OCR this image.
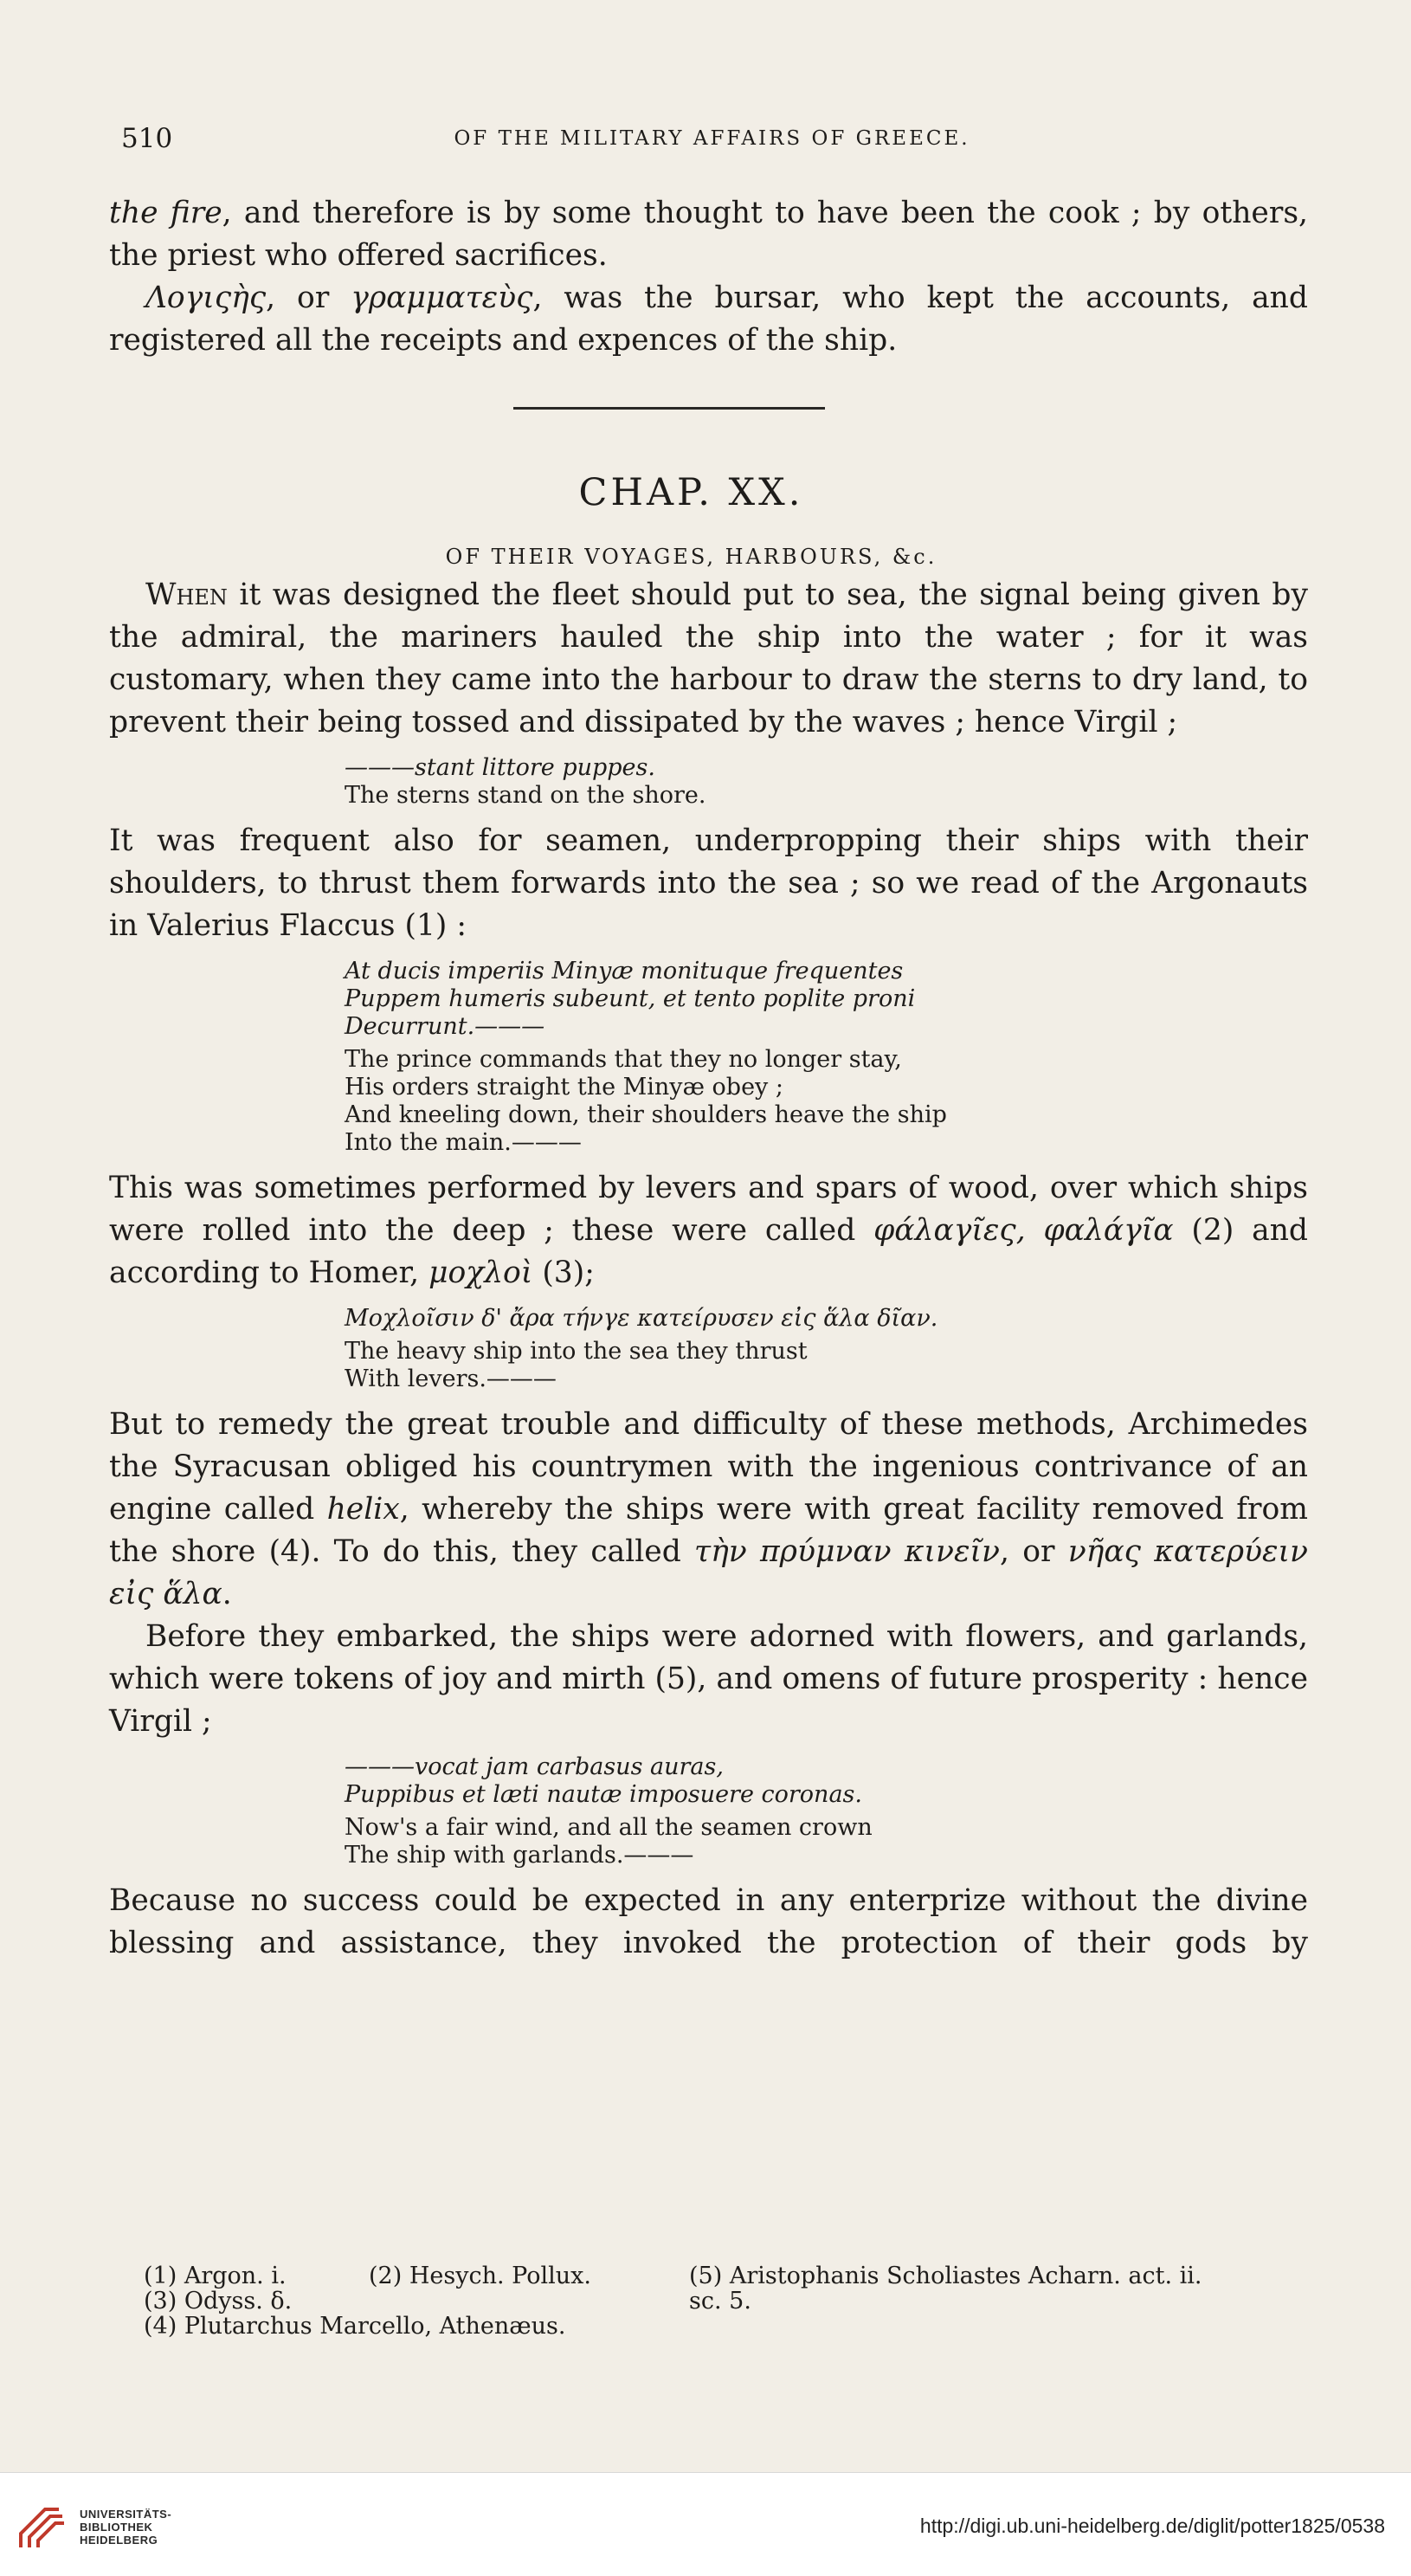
510	OF THE MILITARY AFFAIRS OF GREECE.

the fire, and therefore is by some thought to have been the cook ; by others, the priest who offered sacrifices.

Λογιςὴς, or γραμματεὺς, was the bursar, who kept the accounts, and registered all the receipts and expences of the ship.

CHAP. XX.
OF THEIR VOYAGES, HARBOURS, &c.

When it was designed the fleet should put to sea, the signal being given by the admiral, the mariners hauled the ship into the water ; for it was customary, when they came into the harbour to draw the sterns to dry land, to prevent their being tossed and dissipated by the waves ; hence Virgil ;

———stant littore puppes.
The sterns stand on the shore.

It was frequent also for seamen, underpropping their ships with their shoulders, to thrust them forwards into the sea ; so we read of the Argonauts in Valerius Flaccus (1) :

At ducis imperiis Minyæ monituque frequentes
Puppem humeris subeunt, et tento poplite proni
Decurrunt.———
The prince commands that they no longer stay,
His orders straight the Minyæ obey ;
And kneeling down, their shoulders heave the ship
Into the main.———

This was sometimes performed by levers and spars of wood, over which ships were rolled into the deep ; these were called φάλαγῖες, φαλάγῖα (2) and according to Homer, μοχλοὶ (3);

Μοχλοῖσιν δ' ἄρα τήνγε κατείρυσεν εἰς ἅλα δῖαν.
The heavy ship into the sea they thrust
With levers.———

But to remedy the great trouble and difficulty of these methods, Archimedes the Syracusan obliged his countrymen with the ingenious contrivance of an engine called helix, whereby the ships were with great facility removed from the shore (4). To do this, they called τὴν πρύμναν κινεῖν, or νῆας κατερύειν εἰς ἅλα.

Before they embarked, the ships were adorned with flowers, and garlands, which were tokens of joy and mirth (5), and omens of future prosperity : hence Virgil ;

———vocat jam carbasus auras,
Puppibus et læti nautæ imposuere coronas.
Now's a fair wind, and all the seamen crown
The ship with garlands.———

Because no success could be expected in any enterprize without the divine blessing and assistance, they invoked the protection of their gods by

(1) Argon. i.	(2) Hesych. Pollux.	(5) Aristophanis Scholiastes Acharn. act. ii.
(3) Odyss. δ.	sc. 5.
(4) Plutarchus Marcello, Athenæus.
UNIVERSITÄTS-
BIBLIOTHEK
HEIDELBERG
http://digi.ub.uni-heidelberg.de/diglit/potter1825/0538
